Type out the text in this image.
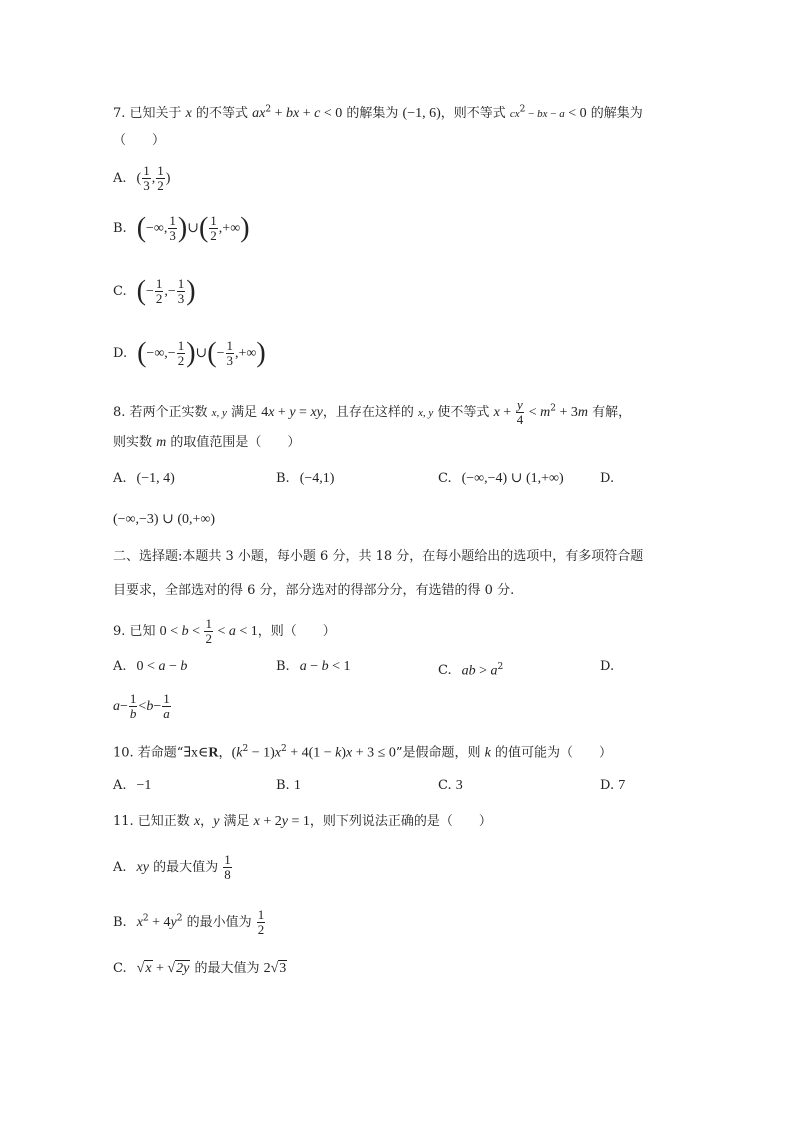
7. 已知关于 x 的不等式 $ax^2$ + bx + c < 0 的解集为 (−1, 6)，则不等式 $cx^2$ − bx − a < 0 的解集为
（　　）
A. ( $\frac{1}{3}$ , $\frac{1}{2}$ )
B. (−∞, $\frac{1}{3}$ )∪( $\frac{1}{2}$ ,+∞)
C. (− $\frac{1}{2}$ ,− $\frac{1}{3}$ )
D. (−∞,− $\frac{1}{2}$ )∪(− $\frac{1}{3}$ ,+∞)
8. 若两个正实数 x, y 满足 4x + y = xy，且存在这样的 x, y 使不等式 $x + \frac{y}{4} < m^2 + 3m$ 有解，
则实数 m 的取值范围是（　　）
A. (−1, 4)	B. (−4,1)	C. (−∞,−4) ∪ (1,+∞)	D.
(−∞,−3) ∪ (0,+∞)
二、选择题:本题共 3 小题，每小题 6 分，共 18 分，在每小题给出的选项中，有多项符合题
目要求，全部选对的得 6 分，部分选对的得部分分，有选错的得 0 分.
9. 已知 $0 < b < \frac{1}{2} < a < 1$，则（　　）
A. 0 < a − b	B. a − b < 1	C. ab > $a^2$	D.
$a- \frac{1}{b} <b- \frac{1}{a}$
10. 若命题“∃x∈R，$(k^2 - 1)x^2 + 4(1 - k)x + 3 \le 0$”是假命题，则 k 的值可能为（　　）
A. −1	B. 1	C. 3	D. 7
11. 已知正数 x，y 满足 x + 2y = 1，则下列说法正确的是（　　）
A. xy 的最大值为 $\frac{1}{8}$
B. $x^2 + 4y^2$ 的最小值为 $\frac{1}{2}$
C. √x + √2y 的最大值为 2√3
